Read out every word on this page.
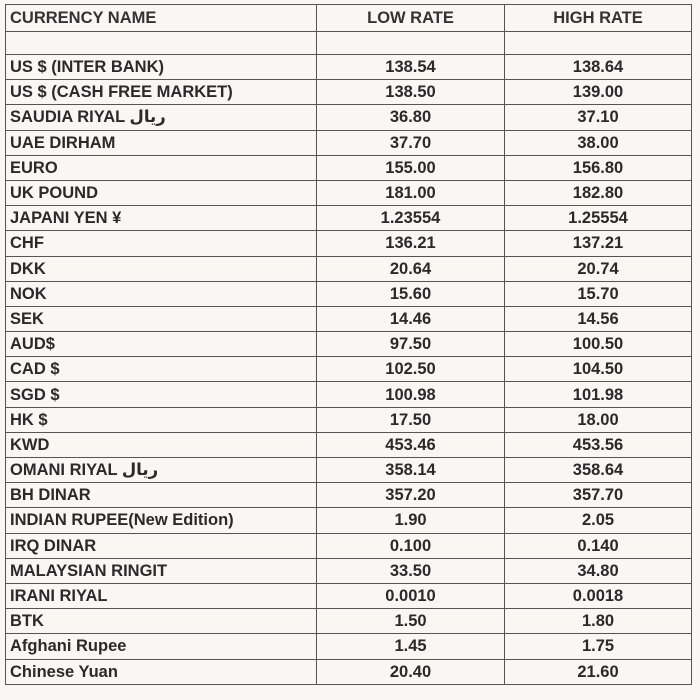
CURRENCY NAME	LOW RATE	HIGH RATE

US $ (INTER BANK)	138.54	138.64
US $ (CASH FREE MARKET)	138.50	139.00
SAUDIA RIYAL ريال	36.80	37.10
UAE DIRHAM	37.70	38.00
EURO	155.00	156.80
UK POUND	181.00	182.80
JAPANI YEN ¥	1.23554	1.25554
CHF	136.21	137.21
DKK	20.64	20.74
NOK	15.60	15.70
SEK	14.46	14.56
AUD$	97.50	100.50
CAD $	102.50	104.50
SGD $	100.98	101.98
HK $	17.50	18.00
KWD	453.46	453.56
OMANI RIYAL ريال	358.14	358.64
BH DINAR	357.20	357.70
INDIAN RUPEE(New Edition)	1.90	2.05
IRQ DINAR	0.100	0.140
MALAYSIAN RINGIT	33.50	34.80
IRANI RIYAL	0.0010	0.0018
BTK	1.50	1.80
Afghani Rupee	1.45	1.75
Chinese Yuan	20.40	21.60
